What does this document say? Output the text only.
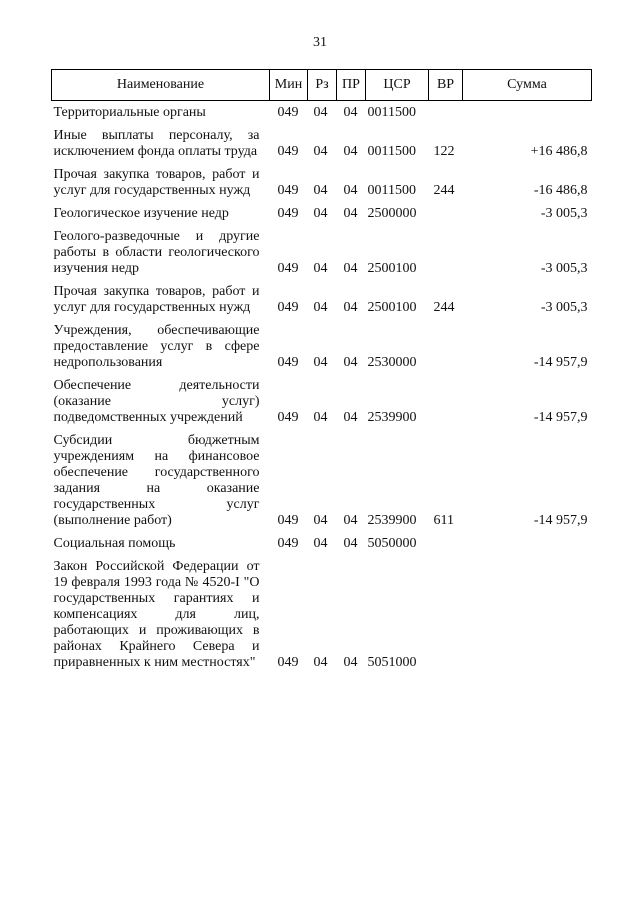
31
Наименование	Мин	Рз	ПР	ЦСР	ВР	Сумма
Территориальные органы	049	04	04	0011500		
Иные выплаты персоналу, за исключением фонда оплаты труда	049	04	04	0011500	122	+16 486,8
Прочая закупка товаров, работ и услуг для государственных нужд	049	04	04	0011500	244	-16 486,8
Геологическое изучение недр	049	04	04	2500000		-3 005,3
Геолого-разведочные и другие работы в области геологического изучения недр	049	04	04	2500100		-3 005,3
Прочая закупка товаров, работ и услуг для государственных нужд	049	04	04	2500100	244	-3 005,3
Учреждения, обеспечивающие предоставление услуг в сфере недропользования	049	04	04	2530000		-14 957,9
Обеспечение деятельности (оказание услуг) подведомственных учреждений	049	04	04	2539900		-14 957,9
Субсидии бюджетным учреждениям на финансовое обеспечение государственного задания на оказание государственных услуг (выполнение работ)	049	04	04	2539900	611	-14 957,9
Социальная помощь	049	04	04	5050000		
Закон Российской Федерации от 19 февраля 1993 года № 4520-I "О государственных гарантиях и компенсациях для лиц, работающих и проживающих в районах Крайнего Севера и приравненных к ним местностях"	049	04	04	5051000		
